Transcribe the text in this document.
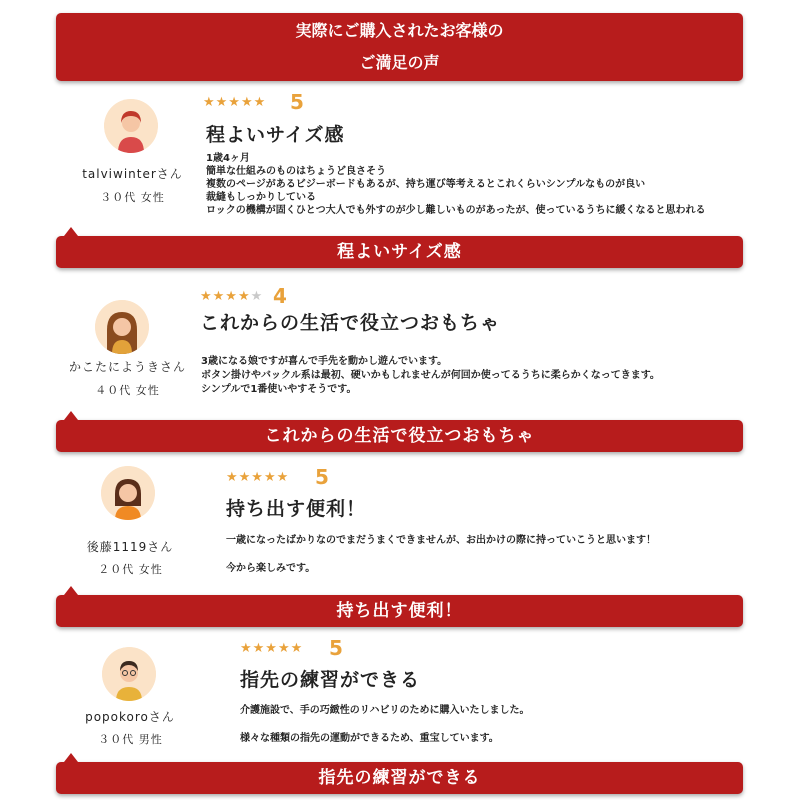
実際にご購入されたお客様の
ご満足の声
talviwinterさん
３０代 女性
★★★★★ 5
程よいサイズ感
1歳4ヶ月
簡単な仕組みのものはちょうど良さそう
複数のページがあるビジーボードもあるが、持ち運び等考えるとこれくらいシンプルなものが良い
裁縫もしっかりしている
ロックの機構が固くひとつ大人でも外すのが少し難しいものがあったが、使っているうちに緩くなると思われる
程よいサイズ感
かこたにようきさん
４０代 女性
★★★★★ 4
これからの生活で役立つおもちゃ
3歳になる娘ですが喜んで手先を動かし遊んでいます。
ボタン掛けやバックル系は最初、硬いかもしれませんが何回か使ってるうちに柔らかくなってきます。
シンプルで1番使いやすそうです。
これからの生活で役立つおもちゃ
後藤1119さん
２０代 女性
★★★★★ 5
持ち出す便利！
一歳になったばかりなのでまだうまくできませんが、お出かけの際に持っていこうと思います！
今から楽しみです。
持ち出す便利！
popokoroさん
３０代 男性
★★★★★ 5
指先の練習ができる
介護施設で、手の巧緻性のリハビリのために購入いたしました。
様々な種類の指先の運動ができるため、重宝しています。
指先の練習ができる
